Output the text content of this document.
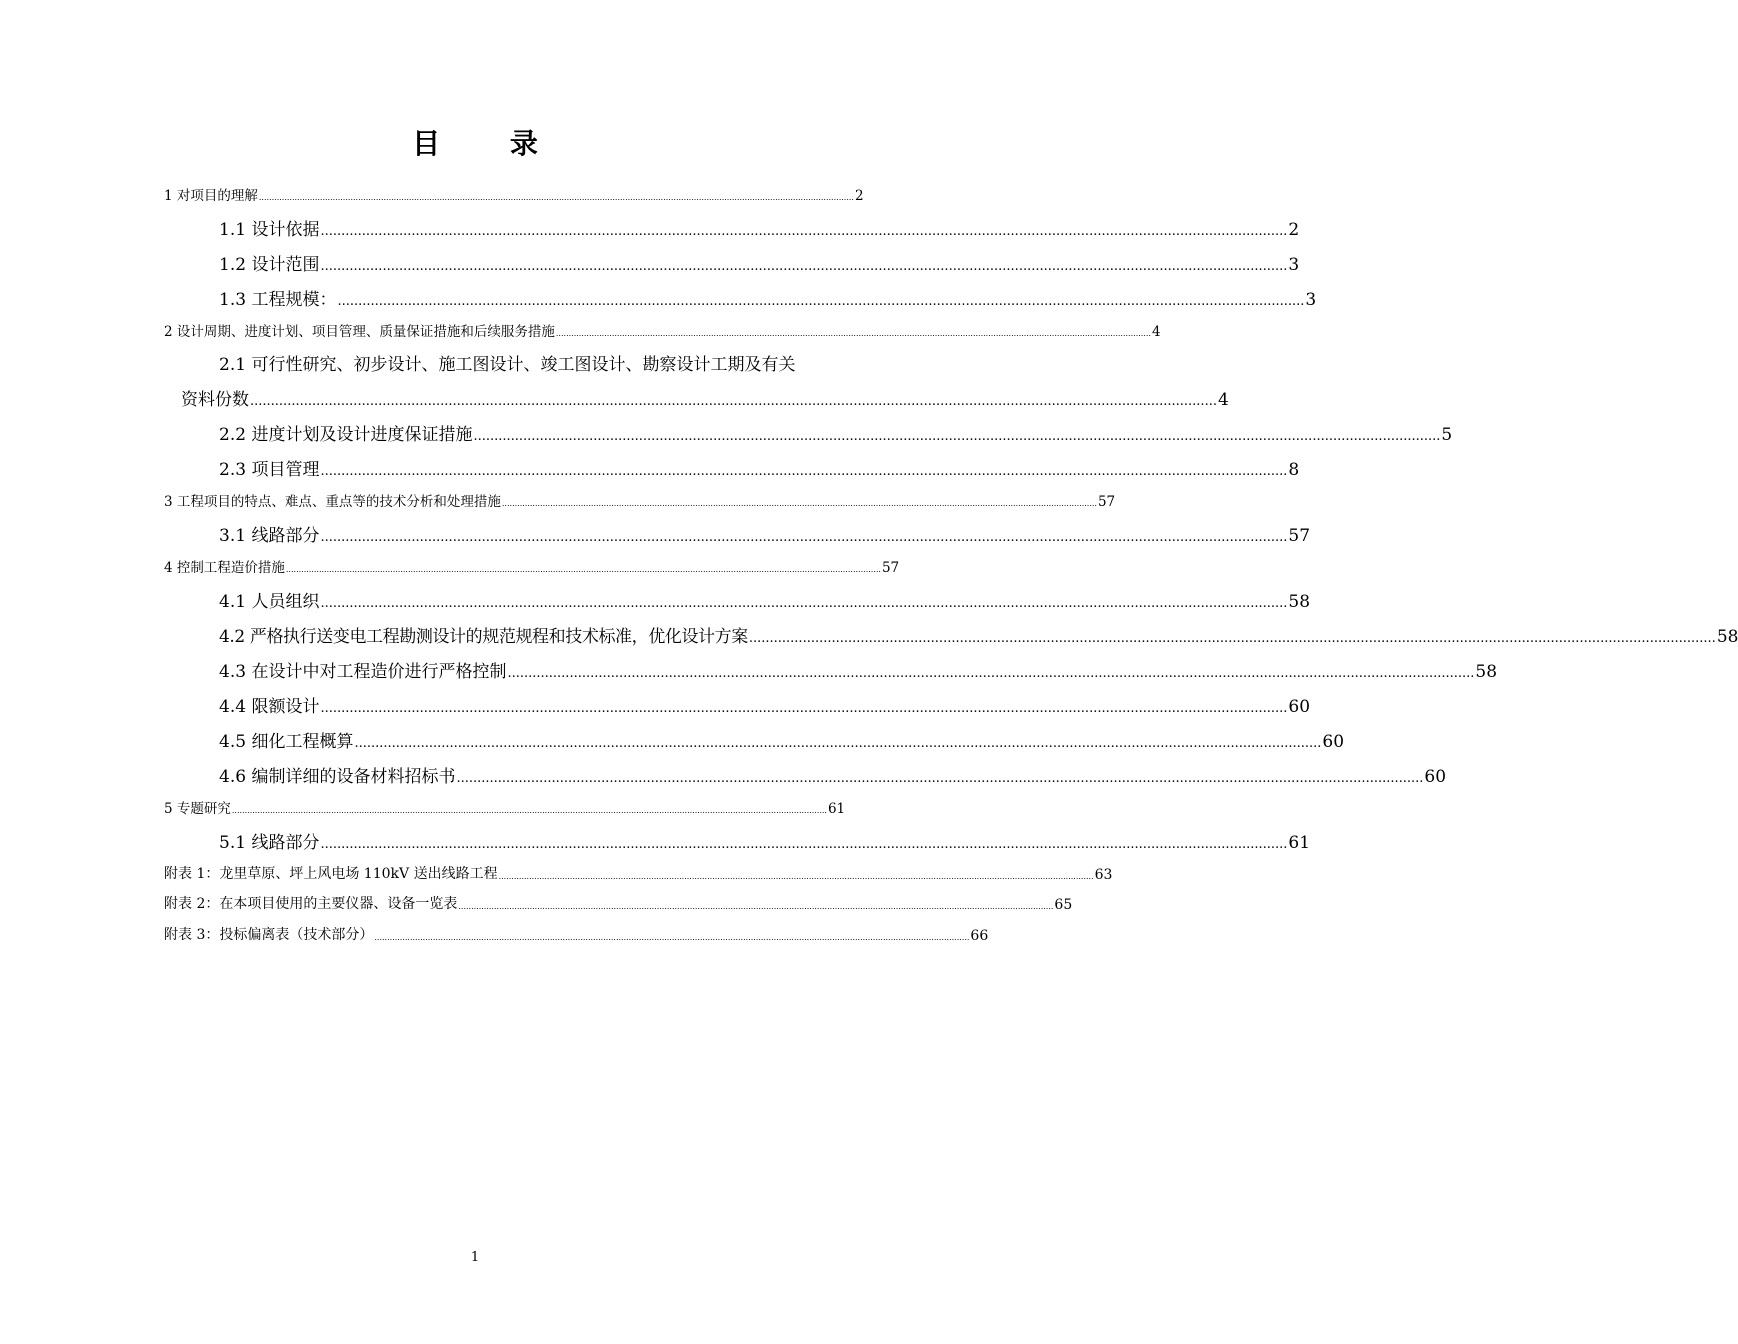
目 录
1 对项目的理解 .......................................................................................................................................................................................................................................... 2
1.1 设计依据 .......................................................................................................................................................................................................................................... 2
1.2 设计范围 .......................................................................................................................................................................................................................................... 3
1.3 工程规模： .......................................................................................................................................................................................................................................... 3
2 设计周期、进度计划、项目管理、质量保证措施和后续服务措施 .......................................................................................................................................................................................................................................... 4
2.1 可行性研究、初步设计、施工图设计、竣工图设计、勘察设计工期及有关
资料份数 .......................................................................................................................................................................................................................................... 4
2.2 进度计划及设计进度保证措施 .......................................................................................................................................................................................................................................... 5
2.3 项目管理 .......................................................................................................................................................................................................................................... 8
3 工程项目的特点、难点、重点等的技术分析和处理措施 .......................................................................................................................................................................................................................................... 57
3.1 线路部分 .......................................................................................................................................................................................................................................... 57
4 控制工程造价措施 .......................................................................................................................................................................................................................................... 57
4.1 人员组织 .......................................................................................................................................................................................................................................... 58
4.2 严格执行送变电工程勘测设计的规范规程和技术标准，优化设计方案 .......................................................................................................................................................................................................................................... 58
4.3 在设计中对工程造价进行严格控制 .......................................................................................................................................................................................................................................... 58
4.4 限额设计 .......................................................................................................................................................................................................................................... 60
4.5 细化工程概算 .......................................................................................................................................................................................................................................... 60
4.6 编制详细的设备材料招标书 .......................................................................................................................................................................................................................................... 60
5 专题研究 .......................................................................................................................................................................................................................................... 61
5.1 线路部分 .......................................................................................................................................................................................................................................... 61
附表 1：龙里草原、坪上风电场 110kV 送出线路工程 .......................................................................................................................................................................................................................................... 63
附表 2：在本项目使用的主要仪器、设备一览表 .......................................................................................................................................................................................................................................... 65
附表 3：投标偏离表（技术部分） .......................................................................................................................................................................................................................................... 66
1
